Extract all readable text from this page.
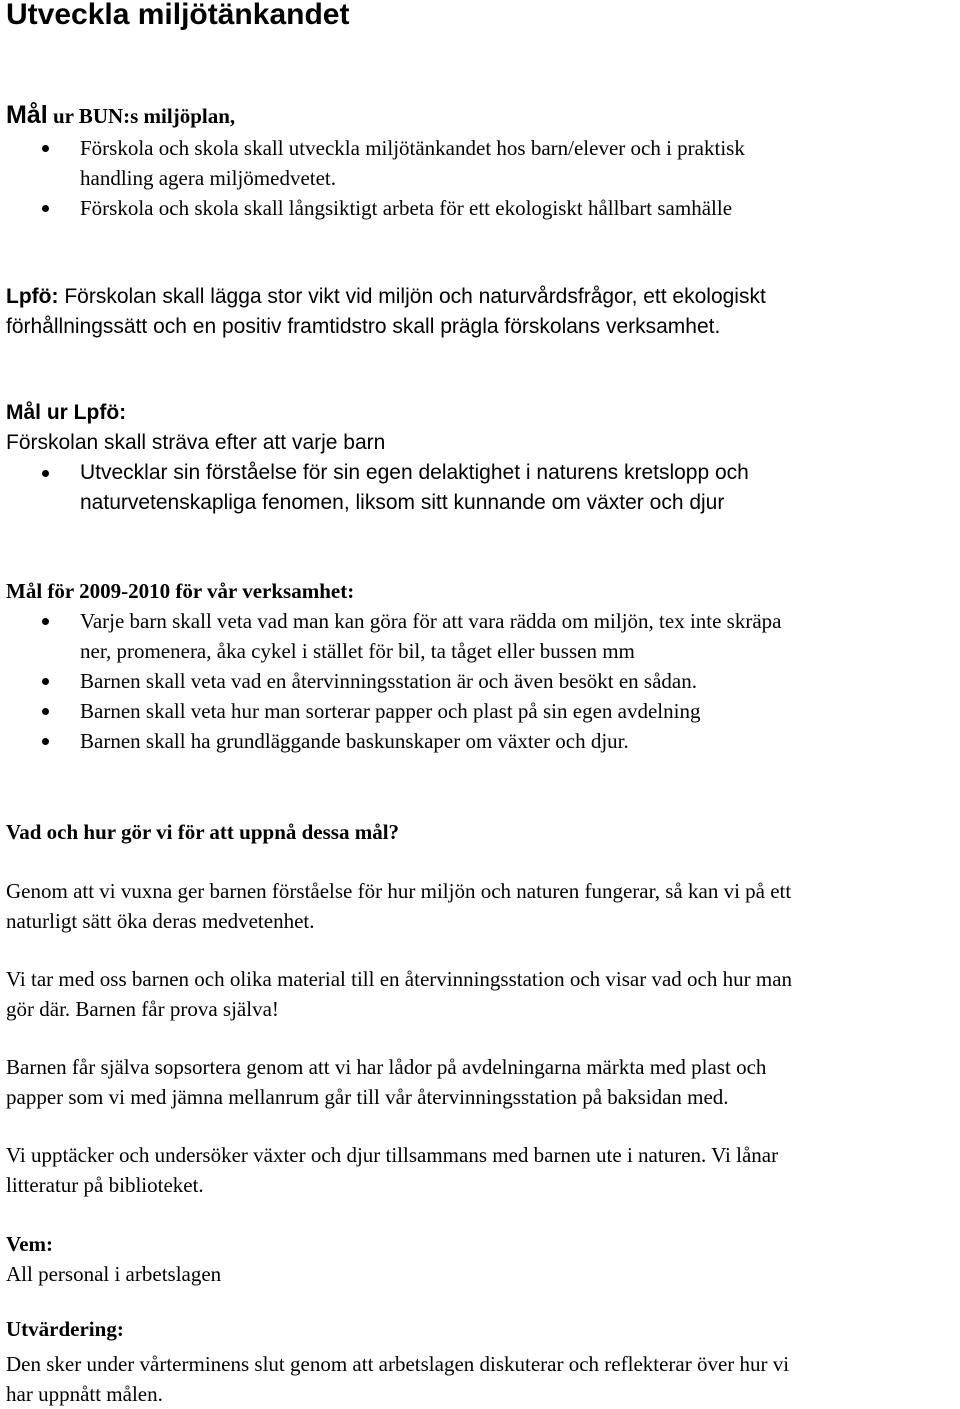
Utveckla miljötänkandet

Mål ur BUN:s miljöplan,

Förskola och skola skall utveckla miljötänkandet hos barn/elever och i praktisk
handling agera miljömedvetet.
Förskola och skola skall långsiktigt arbeta för ett ekologiskt hållbart samhälle

Lpfö: Förskolan skall lägga stor vikt vid miljön och naturvårdsfrågor, ett ekologiskt

förhållningssätt och en positiv framtidstro skall prägla förskolans verksamhet.

Mål ur Lpfö:

Förskolan skall sträva efter att varje barn

Utvecklar sin förståelse för sin egen delaktighet i naturens kretslopp och
naturvetenskapliga fenomen, liksom sitt kunnande om växter och djur

Mål för 2009-2010 för vår verksamhet:

Varje barn skall veta vad man kan göra för att vara rädda om miljön, tex inte skräpa
ner, promenera, åka cykel i stället för bil, ta tåget eller bussen mm
Barnen skall veta vad en återvinningsstation är och även besökt en sådan.
Barnen skall veta hur man sorterar papper och plast på sin egen avdelning
Barnen skall ha grundläggande baskunskaper om växter och djur.

Vad och hur gör vi för att uppnå dessa mål?

Genom att vi vuxna ger barnen förståelse för hur miljön och naturen fungerar, så kan vi på ett

naturligt sätt öka deras medvetenhet.

Vi tar med oss barnen och olika material till en återvinningsstation och visar vad och hur man

gör där. Barnen får prova själva!

Barnen får själva sopsortera genom att vi har lådor på avdelningarna märkta med plast och

papper som vi med jämna mellanrum går till vår återvinningsstation på baksidan med.

Vi upptäcker och undersöker växter och djur tillsammans med barnen ute i naturen. Vi lånar

litteratur på biblioteket.

Vem:

All personal i arbetslagen

Utvärdering:

Den sker under vårterminens slut genom att arbetslagen diskuterar och reflekterar över hur vi

har uppnått målen.
